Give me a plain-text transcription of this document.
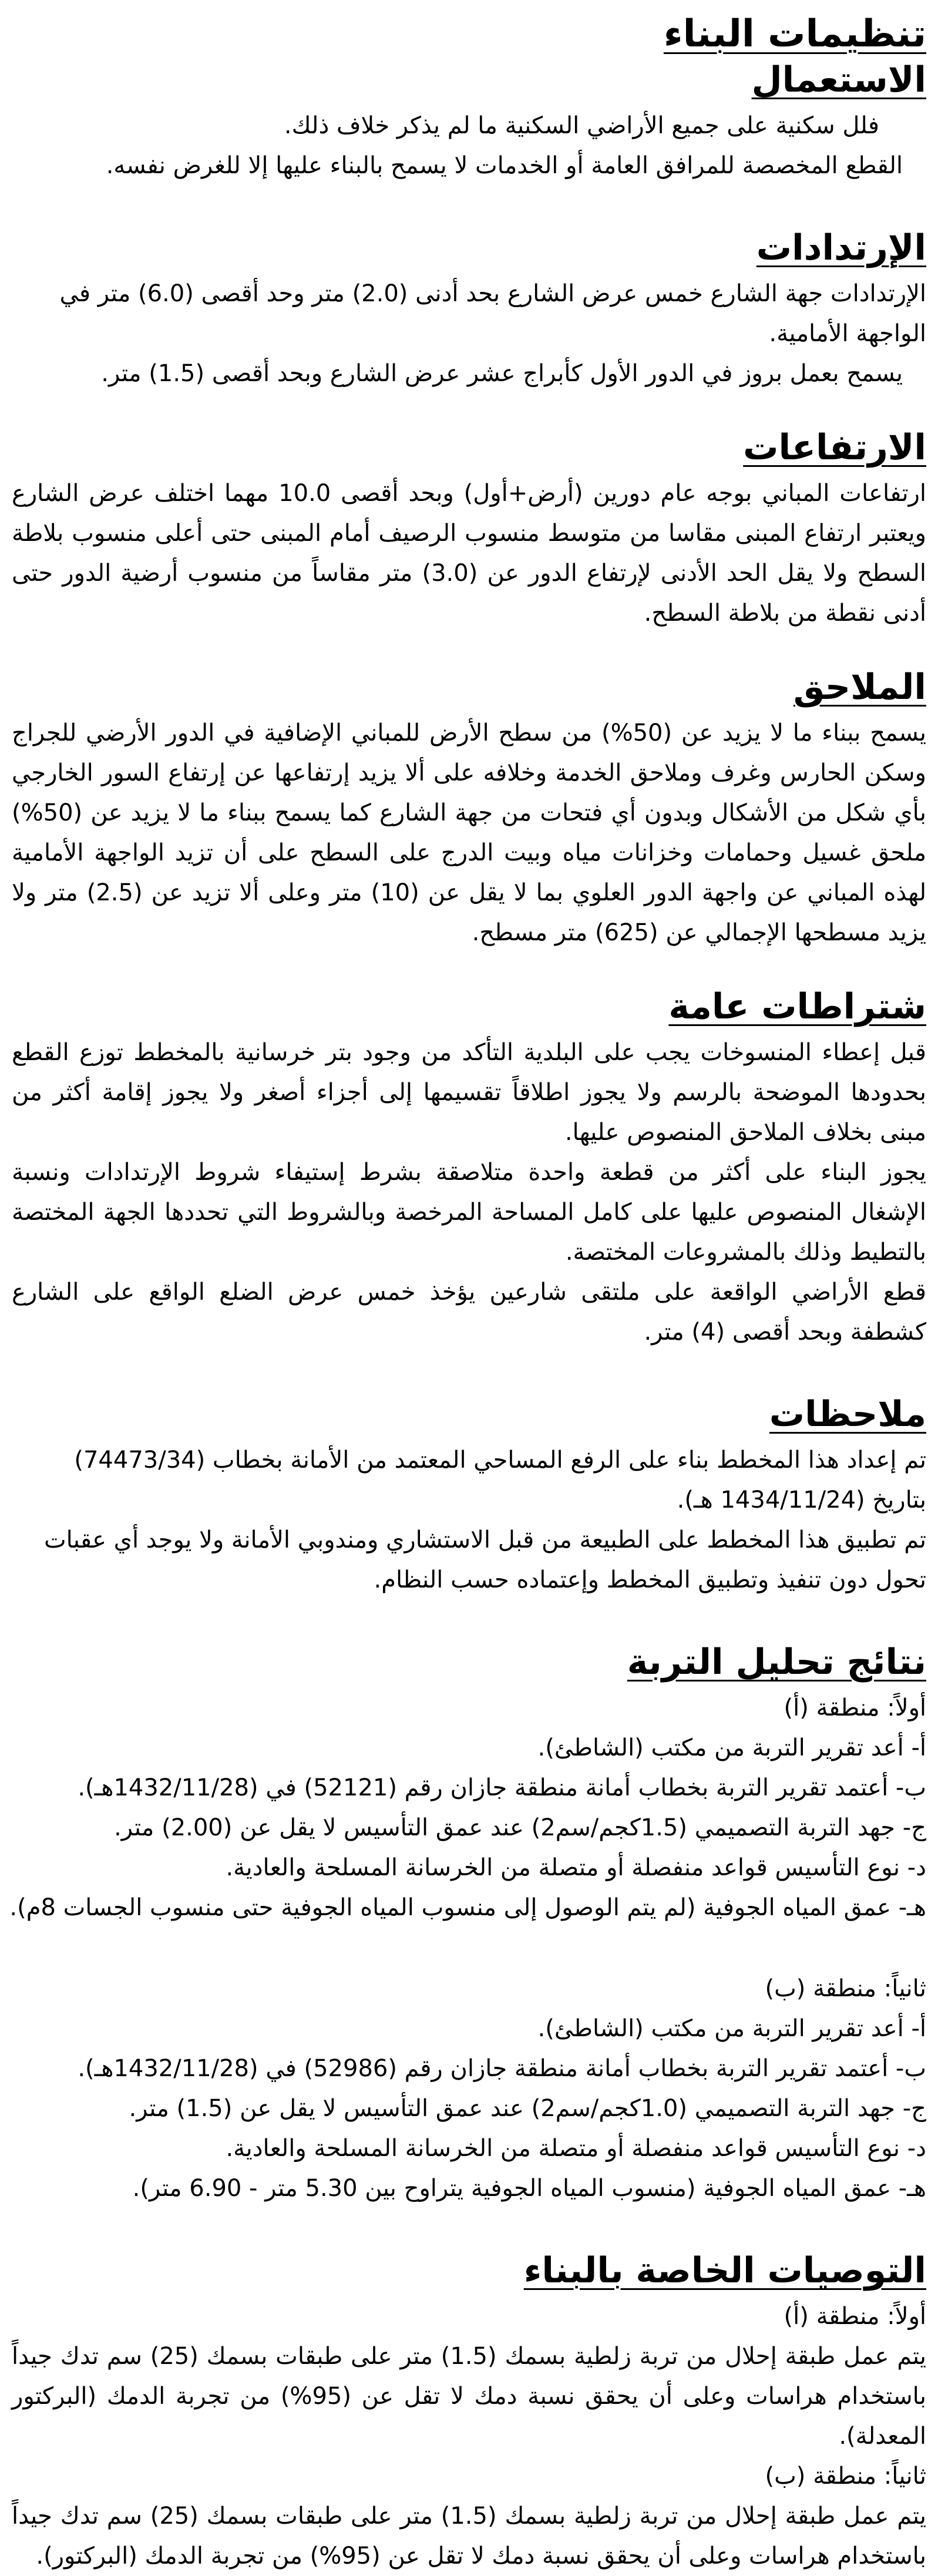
تنظيمات البناء
الاستعمال
فلل سكنية على جميع الأراضي السكنية ما لم يذكر خلاف ذلك.
القطع المخصصة للمرافق العامة أو الخدمات لا يسمح بالبناء عليها إلا للغرض نفسه.
الإرتدادات
الإرتدادات جهة الشارع خمس عرض الشارع بحد أدنى (2.0) متر وحد أقصى (6.0) متر في الواجهة الأمامية.
يسمح بعمل بروز في الدور الأول كأبراج عشر عرض الشارع وبحد أقصى (1.5) متر.
الارتفاعات
ارتفاعات المباني بوجه عام دورين (أرض+أول) وبحد أقصى 10.0 مهما اختلف عرض الشارع ويعتبر ارتفاع المبنى مقاسا من متوسط منسوب الرصيف أمام المبنى حتى أعلى منسوب بلاطة السطح ولا يقل الحد الأدنى لإرتفاع الدور عن (3.0) متر مقاساً من منسوب أرضية الدور حتى أدنى نقطة من بلاطة السطح.
الملاحق
يسمح ببناء ما لا يزيد عن (50%) من سطح الأرض للمباني الإضافية في الدور الأرضي للجراج وسكن الحارس وغرف وملاحق الخدمة وخلافه على ألا يزيد إرتفاعها عن إرتفاع السور الخارجي بأي شكل من الأشكال وبدون أي فتحات من جهة الشارع كما يسمح ببناء ما لا يزيد عن (50%) ملحق غسيل وحمامات وخزانات مياه وبيت الدرج على السطح على أن تزيد الواجهة الأمامية لهذه المباني عن واجهة الدور العلوي بما لا يقل عن (10) متر وعلى ألا تزيد عن (2.5) متر ولا يزيد مسطحها الإجمالي عن (625) متر مسطح.
شتراطات عامة
قبل إعطاء المنسوخات يجب على البلدية التأكد من وجود بتر خرسانية بالمخطط توزع القطع بحدودها الموضحة بالرسم ولا يجوز اطلاقاً تقسيمها إلى أجزاء أصغر ولا يجوز إقامة أكثر من مبنى بخلاف الملاحق المنصوص عليها.
يجوز البناء على أكثر من قطعة واحدة متلاصقة بشرط إستيفاء شروط الإرتدادات ونسبة الإشغال المنصوص عليها على كامل المساحة المرخصة وبالشروط التي تحددها الجهة المختصة بالتطيط وذلك بالمشروعات المختصة.
قطع الأراضي الواقعة على ملتقى شارعين يؤخذ خمس عرض الضلع الواقع على الشارع كشطفة وبحد أقصى (4) متر.
ملاحظات
تم إعداد هذا المخطط بناء على الرفع المساحي المعتمد من الأمانة بخطاب (74473/34)
بتاريخ (1434/11/24 هـ).
تم تطبيق هذا المخطط على الطبيعة من قبل الاستشاري ومندوبي الأمانة ولا يوجد أي عقبات
تحول دون تنفيذ وتطبيق المخطط وإعتماده حسب النظام.
نتائج تحليل التربة
أولاً: منطقة (أ)
أ- أعد تقرير التربة من مكتب (الشاطئ).
ب- أعتمد تقرير التربة بخطاب أمانة منطقة جازان رقم (52121) في (1432/11/28هـ).
ج- جهد التربة التصميمي (1.5كجم/سم2) عند عمق التأسيس لا يقل عن (2.00) متر.
د- نوع التأسيس قواعد منفصلة أو متصلة من الخرسانة المسلحة والعادية.
هـ- عمق المياه الجوفية (لم يتم الوصول إلى منسوب المياه الجوفية حتى منسوب الجسات 8م).
ثانياً: منطقة (ب)
أ- أعد تقرير التربة من مكتب (الشاطئ).
ب- أعتمد تقرير التربة بخطاب أمانة منطقة جازان رقم (52986) في (1432/11/28هـ).
ج- جهد التربة التصميمي (1.0كجم/سم2) عند عمق التأسيس لا يقل عن (1.5) متر.
د- نوع التأسيس قواعد منفصلة أو متصلة من الخرسانة المسلحة والعادية.
هـ- عمق المياه الجوفية (منسوب المياه الجوفية يتراوح بين 5.30 متر - 6.90 متر).
التوصيات الخاصة بالبناء
أولاً: منطقة (أ)
يتم عمل طبقة إحلال من تربة زلطية بسمك (1.5) متر على طبقات بسمك (25) سم تدك جيداً باستخدام هراسات وعلى أن يحقق نسبة دمك لا تقل عن (95%) من تجربة الدمك (البركتور المعدلة).
ثانياً: منطقة (ب)
يتم عمل طبقة إحلال من تربة زلطية بسمك (1.5) متر على طبقات بسمك (25) سم تدك جيداً باستخدام هراسات وعلى أن يحقق نسبة دمك لا تقل عن (95%) من تجربة الدمك (البركتور).
